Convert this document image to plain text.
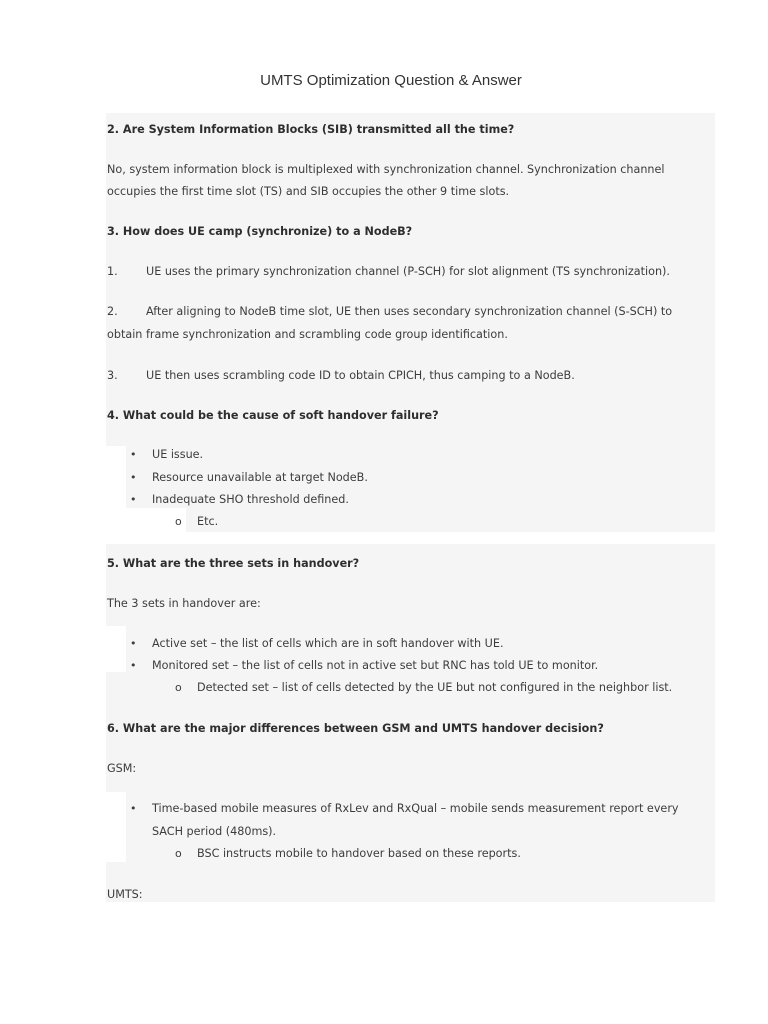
UMTS Optimization Question & Answer
2. Are System Information Blocks (SIB) transmitted all the time?
No, system information block is multiplexed with synchronization channel. Synchronization channel
occupies the first time slot (TS) and SIB occupies the other 9 time slots.
3. How does UE camp (synchronize) to a NodeB?
1.	UE uses the primary synchronization channel (P-SCH) for slot alignment (TS synchronization).
2.	After aligning to NodeB time slot, UE then uses secondary synchronization channel (S-SCH) to
obtain frame synchronization and scrambling code group identification.
3.	UE then uses scrambling code ID to obtain CPICH, thus camping to a NodeB.
4. What could be the cause of soft handover failure?
• UE issue.
• Resource unavailable at target NodeB.
• Inadequate SHO threshold defined.
o Etc.
5. What are the three sets in handover?
The 3 sets in handover are:
• Active set – the list of cells which are in soft handover with UE.
• Monitored set – the list of cells not in active set but RNC has told UE to monitor.
o Detected set – list of cells detected by the UE but not configured in the neighbor list.
6. What are the major differences between GSM and UMTS handover decision?
GSM:
• Time-based mobile measures of RxLev and RxQual – mobile sends measurement report every
SACH period (480ms).
o BSC instructs mobile to handover based on these reports.
UMTS:
